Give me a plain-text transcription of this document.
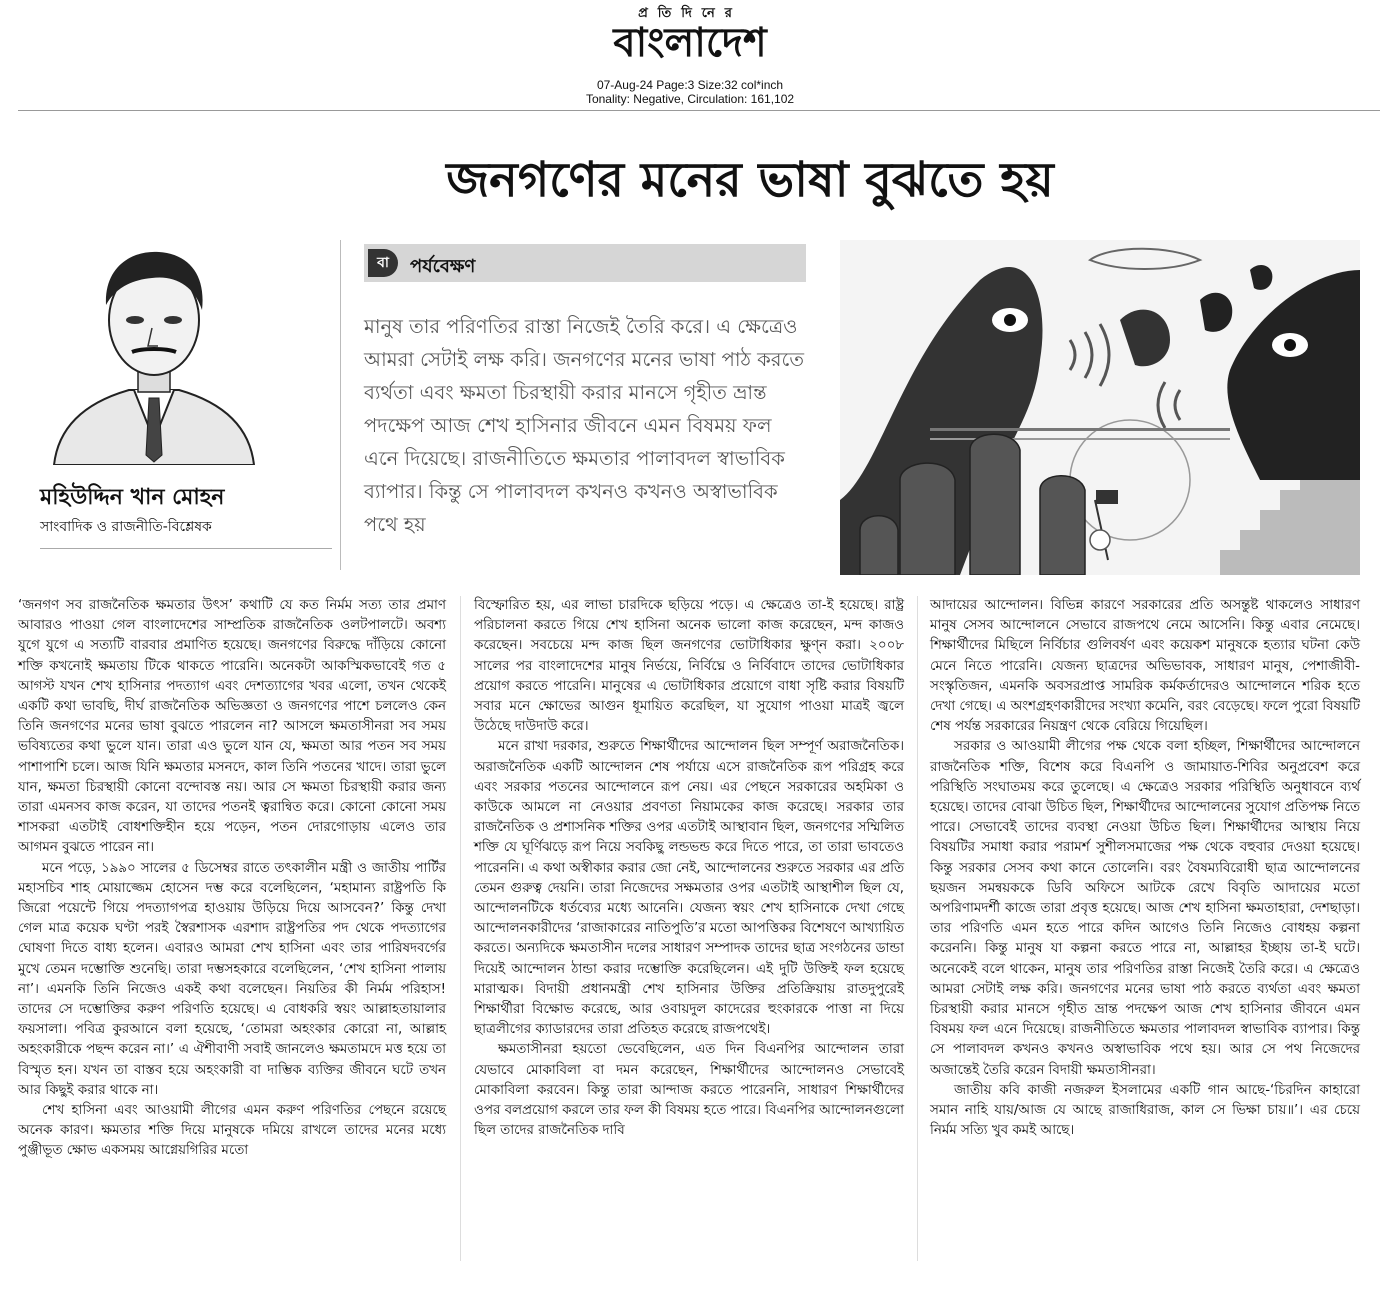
প্রতিদিনের
বাংলাদেশ
07-Aug-24 Page:3 Size:32 col*inch
Tonality: Negative, Circulation: 161,102
জনগণের মনের ভাষা বুঝতে হয়
মহিউদ্দিন খান মোহন
সাংবাদিক ও রাজনীতি-বিশ্লেষক
বা	পর্যবেক্ষণ
মানুষ তার পরিণতির রাস্তা নিজেই তৈরি করে। এ ক্ষেত্রেও আমরা সেটাই লক্ষ করি। জনগণের মনের ভাষা পাঠ করতে ব্যর্থতা এবং ক্ষমতা চিরস্থায়ী করার মানসে গৃহীত ভ্রান্ত পদক্ষেপ আজ শেখ হাসিনার জীবনে এমন বিষময় ফল এনে দিয়েছে। রাজনীতিতে ক্ষমতার পালাবদল স্বাভাবিক ব্যাপার। কিন্তু সে পালাবদল কখনও কখনও অস্বাভাবিক পথে হয়

‘জনগণ সব রাজনৈতিক ক্ষমতার উৎস’ কথাটি যে কত নির্মম সত্য তার প্রমাণ আবারও পাওয়া গেল বাংলাদেশের সাম্প্রতিক রাজনৈতিক ওলটপালটে। অবশ্য যুগে যুগে এ সত্যটি বারবার প্রমাণিত হয়েছে। জনগণের বিরুদ্ধে দাঁড়িয়ে কোনো শক্তি কখনোই ক্ষমতায় টিকে থাকতে পারেনি। অনেকটা আকস্মিকভাবেই গত ৫ আগস্ট যখন শেখ হাসিনার পদত্যাগ এবং দেশত্যাগের খবর এলো, তখন থেকেই একটি কথা ভাবছি, দীর্ঘ রাজনৈতিক অভিজ্ঞতা ও জনগণের পাশে চললেও কেন তিনি জনগণের মনের ভাষা বুঝতে পারলেন না? আসলে ক্ষমতাসীনরা সব সময় ভবিষ্যতের কথা ভুলে যান। তারা এও ভুলে যান যে, ক্ষমতা আর পতন সব সময় পাশাপাশি চলে। আজ যিনি ক্ষমতার মসনদে, কাল তিনি পতনের খাদে। তারা ভুলে যান, ক্ষমতা চিরস্থায়ী কোনো বন্দোবস্ত নয়। আর সে ক্ষমতা চিরস্থায়ী করার জন্য তারা এমনসব কাজ করেন, যা তাদের পতনই ত্বরান্বিত করে। কোনো কোনো সময় শাসকরা এতটাই বোধশক্তিহীন হয়ে পড়েন, পতন দোরগোড়ায় এলেও তার আগমন বুঝতে পারেন না।

মনে পড়ে, ১৯৯০ সালের ৫ ডিসেম্বর রাতে তৎকালীন মন্ত্রী ও জাতীয় পার্টির মহাসচিব শাহ মোয়াজ্জেম হোসেন দম্ভ করে বলেছিলেন, ‘মহামান্য রাষ্ট্রপতি কি জিরো পয়েন্টে গিয়ে পদত্যাগপত্র হাওয়ায় উড়িয়ে দিয়ে আসবেন?’ কিন্তু দেখা গেল মাত্র কয়েক ঘণ্টা পরই স্বৈরশাসক এরশাদ রাষ্ট্রপতির পদ থেকে পদত্যাগের ঘোষণা দিতে বাধ্য হলেন। এবারও আমরা শেখ হাসিনা এবং তার পারিষদবর্গের মুখে তেমন দম্ভোক্তি শুনেছি। তারা দম্ভসহকারে বলেছিলেন, ‘শেখ হাসিনা পালায় না’। এমনকি তিনি নিজেও একই কথা বলেছেন। নিয়তির কী নির্মম পরিহাস! তাদের সে দম্ভোক্তির করুণ পরিণতি হয়েছে। এ বোধকরি স্বয়ং আল্লাহতায়ালার ফয়সালা। পবিত্র কুরআনে বলা হয়েছে, ‘তোমরা অহংকার কোরো না, আল্লাহ অহংকারীকে পছন্দ করেন না।’ এ ঐশীবাণী সবাই জানলেও ক্ষমতামদে মত্ত হয়ে তা বিস্মৃত হন। যখন তা বাস্তব হয়ে অহংকারী বা দাম্ভিক ব্যক্তির জীবনে ঘটে তখন আর কিছুই করার থাকে না।

শেখ হাসিনা এবং আওয়ামী লীগের এমন করুণ পরিণতির পেছনে রয়েছে অনেক কারণ। ক্ষমতার শক্তি দিয়ে মানুষকে দমিয়ে রাখলে তাদের মনের মধ্যে পুঞ্জীভূত ক্ষোভ একসময় আগ্নেয়গিরির মতো

বিস্ফোরিত হয়, এর লাভা চারদিকে ছড়িয়ে পড়ে। এ ক্ষেত্রেও তা-ই হয়েছে। রাষ্ট্র পরিচালনা করতে গিয়ে শেখ হাসিনা অনেক ভালো কাজ করেছেন, মন্দ কাজও করেছেন। সবচেয়ে মন্দ কাজ ছিল জনগণের ভোটাধিকার ক্ষুণ্ন করা। ২০০৮ সালের পর বাংলাদেশের মানুষ নির্ভয়ে, নির্বিঘ্নে ও নির্বিবাদে তাদের ভোটাধিকার প্রয়োগ করতে পারেনি। মানুষের এ ভোটাধিকার প্রয়োগে বাধা সৃষ্টি করার বিষয়টি সবার মনে ক্ষোভের আগুন ধূমায়িত করেছিল, যা সুযোগ পাওয়া মাত্রই জ্বলে উঠেছে দাউদাউ করে।

মনে রাখা দরকার, শুরুতে শিক্ষার্থীদের আন্দোলন ছিল সম্পূর্ণ অরাজনৈতিক। অরাজনৈতিক একটি আন্দোলন শেষ পর্যায়ে এসে রাজনৈতিক রূপ পরিগ্রহ করে এবং সরকার পতনের আন্দোলনে রূপ নেয়। এর পেছনে সরকারের অহমিকা ও কাউকে আমলে না নেওয়ার প্রবণতা নিয়ামকের কাজ করেছে। সরকার তার রাজনৈতিক ও প্রশাসনিক শক্তির ওপর এতটাই আস্থাবান ছিল, জনগণের সম্মিলিত শক্তি যে ঘূর্ণিঝড়ে রূপ নিয়ে সবকিছু লন্ডভন্ড করে দিতে পারে, তা তারা ভাবতেও পারেননি। এ কথা অস্বীকার করার জো নেই, আন্দোলনের শুরুতে সরকার এর প্রতি তেমন গুরুত্ব দেয়নি। তারা নিজেদের সক্ষমতার ওপর এতটাই আস্থাশীল ছিল যে, আন্দোলনটিকে ধর্তব্যের মধ্যে আনেনি। যেজন্য স্বয়ং শেখ হাসিনাকে দেখা গেছে আন্দোলনকারীদের ‘রাজাকারের নাতিপুতি’র মতো আপত্তিকর বিশেষণে আখ্যায়িত করতে। অন্যদিকে ক্ষমতাসীন দলের সাধারণ সম্পাদক তাদের ছাত্র সংগঠনের ডান্ডা দিয়েই আন্দোলন ঠান্ডা করার দম্ভোক্তি করেছিলেন। এই দুটি উক্তিই ফল হয়েছে মারাত্মক। বিদায়ী প্রধানমন্ত্রী শেখ হাসিনার উক্তির প্রতিক্রিয়ায় রাতদুপুরেই শিক্ষার্থীরা বিক্ষোভ করেছে, আর ওবায়দুল কাদেরের হুংকারকে পাত্তা না দিয়ে ছাত্রলীগের ক্যাডারদের তারা প্রতিহত করেছে রাজপথেই।

ক্ষমতাসীনরা হয়তো ভেবেছিলেন, এত দিন বিএনপির আন্দোলন তারা যেভাবে মোকাবিলা বা দমন করেছেন, শিক্ষার্থীদের আন্দোলনও সেভাবেই মোকাবিলা করবেন। কিন্তু তারা আন্দাজ করতে পারেননি, সাধারণ শিক্ষার্থীদের ওপর বলপ্রয়োগ করলে তার ফল কী বিষময় হতে পারে। বিএনপির আন্দোলনগুলো ছিল তাদের রাজনৈতিক দাবি

আদায়ের আন্দোলন। বিভিন্ন কারণে সরকারের প্রতি অসন্তুষ্ট থাকলেও সাধারণ মানুষ সেসব আন্দোলনে সেভাবে রাজপথে নেমে আসেনি। কিন্তু এবার নেমেছে। শিক্ষার্থীদের মিছিলে নির্বিচার গুলিবর্ষণ এবং কয়েকশ মানুষকে হত্যার ঘটনা কেউ মেনে নিতে পারেনি। যেজন্য ছাত্রদের অভিভাবক, সাধারণ মানুষ, পেশাজীবী-সংস্কৃতিজন, এমনকি অবসরপ্রাপ্ত সামরিক কর্মকর্তাদেরও আন্দোলনে শরিক হতে দেখা গেছে। এ অংশগ্রহণকারীদের সংখ্যা কমেনি, বরং বেড়েছে। ফলে পুরো বিষয়টি শেষ পর্যন্ত সরকারের নিয়ন্ত্রণ থেকে বেরিয়ে গিয়েছিল।

সরকার ও আওয়ামী লীগের পক্ষ থেকে বলা হচ্ছিল, শিক্ষার্থীদের আন্দোলনে রাজনৈতিক শক্তি, বিশেষ করে বিএনপি ও জামায়াত-শিবির অনুপ্রবেশ করে পরিস্থিতি সংঘাতময় করে তুলেছে। এ ক্ষেত্রেও সরকার পরিস্থিতি অনুধাবনে ব্যর্থ হয়েছে। তাদের বোঝা উচিত ছিল, শিক্ষার্থীদের আন্দোলনের সুযোগ প্রতিপক্ষ নিতে পারে। সেভাবেই তাদের ব্যবস্থা নেওয়া উচিত ছিল। শিক্ষার্থীদের আস্থায় নিয়ে বিষয়টির সমাধা করার পরামর্শ সুশীলসমাজের পক্ষ থেকে বহুবার দেওয়া হয়েছে। কিন্তু সরকার সেসব কথা কানে তোলেনি। বরং বৈষম্যবিরোধী ছাত্র আন্দোলনের ছয়জন সমন্বয়ককে ডিবি অফিসে আটকে রেখে বিবৃতি আদায়ের মতো অপরিণামদর্শী কাজে তারা প্রবৃত্ত হয়েছে। আজ শেখ হাসিনা ক্ষমতাহারা, দেশছাড়া। তার পরিণতি এমন হতে পারে কদিন আগেও তিনি নিজেও বোধহয় কল্পনা করেননি। কিন্তু মানুষ যা কল্পনা করতে পারে না, আল্লাহর ইচ্ছায় তা-ই ঘটে। অনেকেই বলে থাকেন, মানুষ তার পরিণতির রাস্তা নিজেই তৈরি করে। এ ক্ষেত্রেও আমরা সেটাই লক্ষ করি। জনগণের মনের ভাষা পাঠ করতে ব্যর্থতা এবং ক্ষমতা চিরস্থায়ী করার মানসে গৃহীত ভ্রান্ত পদক্ষেপ আজ শেখ হাসিনার জীবনে এমন বিষময় ফল এনে দিয়েছে। রাজনীতিতে ক্ষমতার পালাবদল স্বাভাবিক ব্যাপার। কিন্তু সে পালাবদল কখনও কখনও অস্বাভাবিক পথে হয়। আর সে পথ নিজেদের অজান্তেই তৈরি করেন বিদায়ী ক্ষমতাসীনরা।

জাতীয় কবি কাজী নজরুল ইসলামের একটি গান আছে-‘চিরদিন কাহারো সমান নাহি যায়/আজ যে আছে রাজাধিরাজ, কাল সে ভিক্ষা চায়॥’। এর চেয়ে নির্মম সত্যি খুব কমই আছে।
